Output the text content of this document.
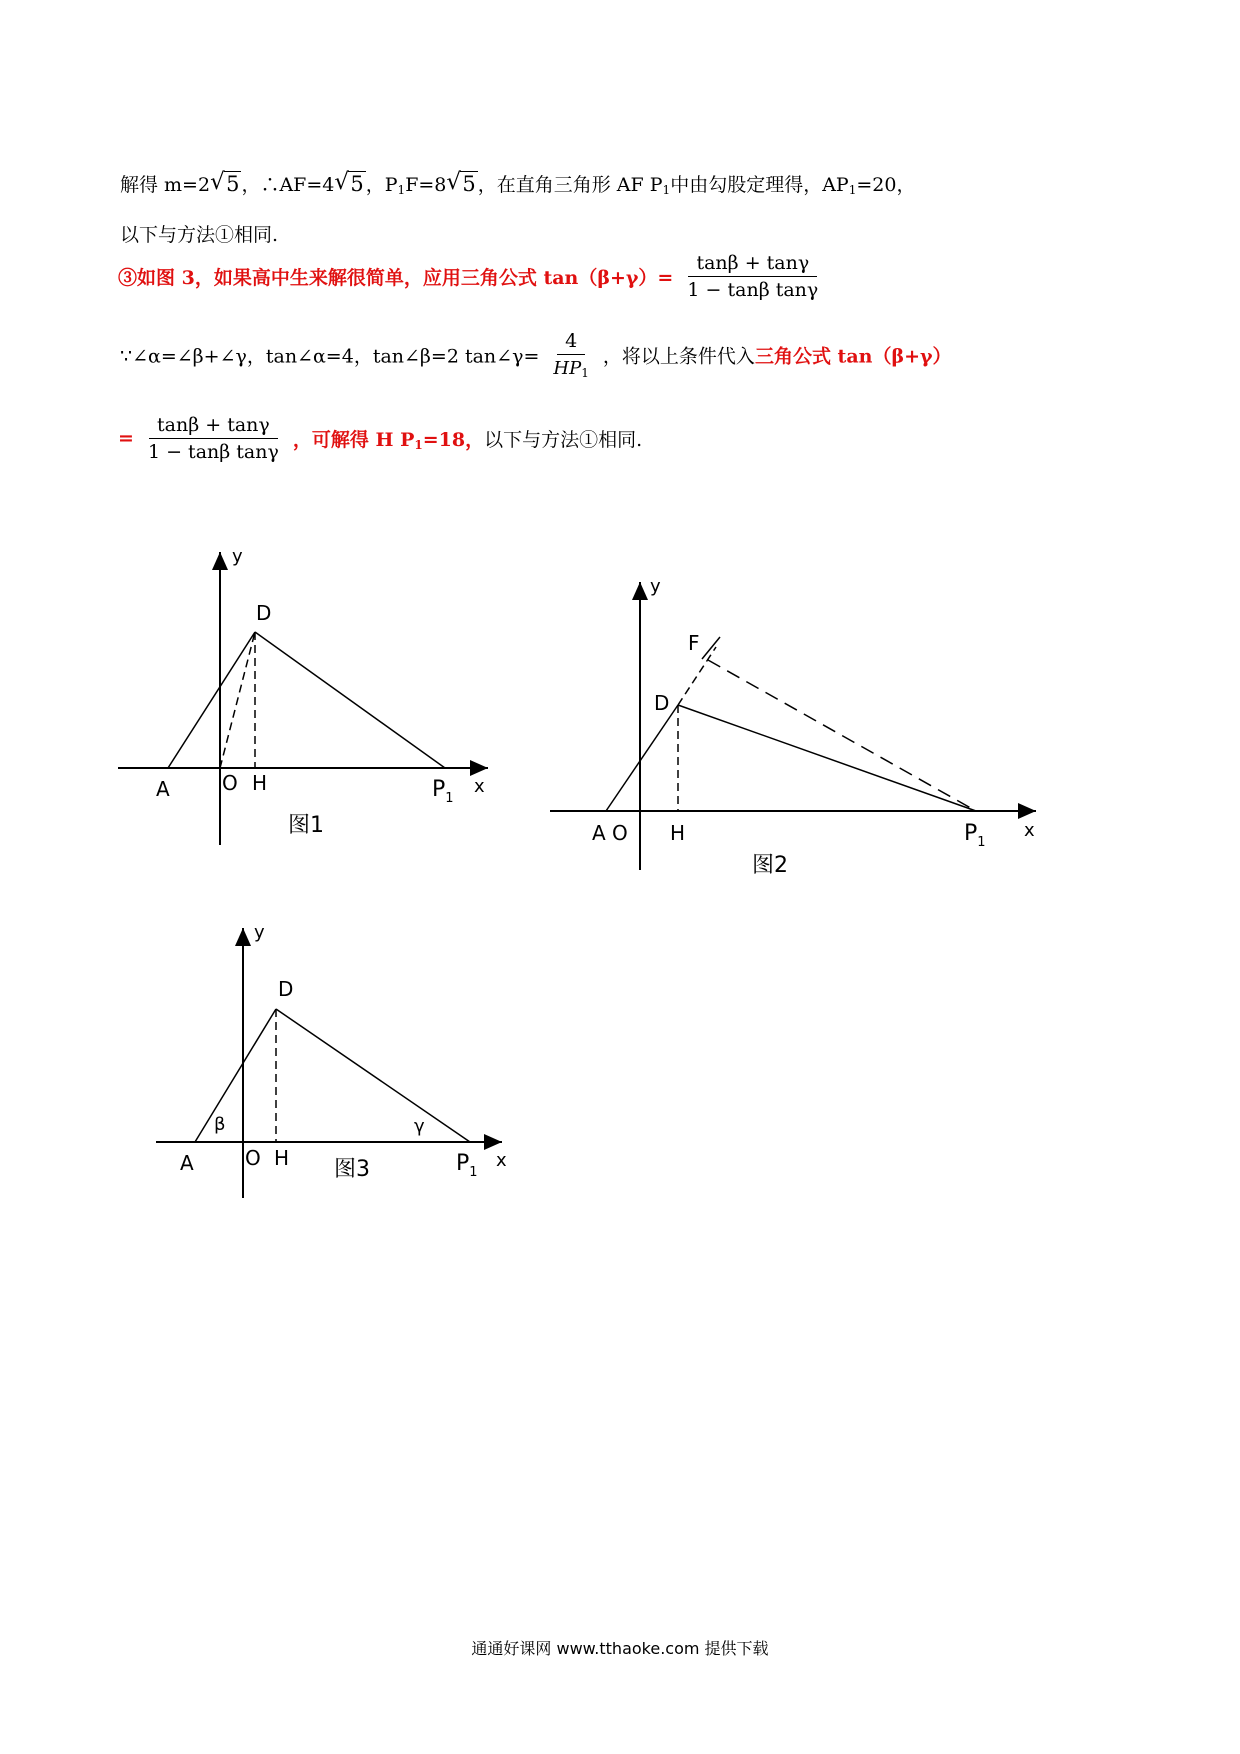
解得 m=2√ 5 ，∴AF=4√ 5 ，$P_1F=8√$ 5 ，在直角三角形 AF $P_1$中由勾股定理得，$AP_1=20$，
以下与方法①相同.
③如图 3，如果高中生来解很简单，应用三角公式 $\tan(\beta+\gamma)= \frac{\tan\beta + \tan\gamma}{\text{1 − tanβ tanγ}}$
∵∠α=∠β+∠γ，tan∠α=4，tan∠β=2 tan∠γ= $\frac{4}{HP_1}$ ，将以上条件代入三角公式 tan（β+γ）
= $\frac{\tan\beta + \tan\gamma}{\text{1 − tanβ tanγ}}$ ，可解得 H $P_1=18$，以下与方法①相同.
y
D
A	O H	$P_1$
x
图1
y
F
D
A O H	$P_1$
x
图2
y
D
β	γ
A	O H 图3	$P_1$
x
通通好课网 www.tthaoke.com 提供下载
